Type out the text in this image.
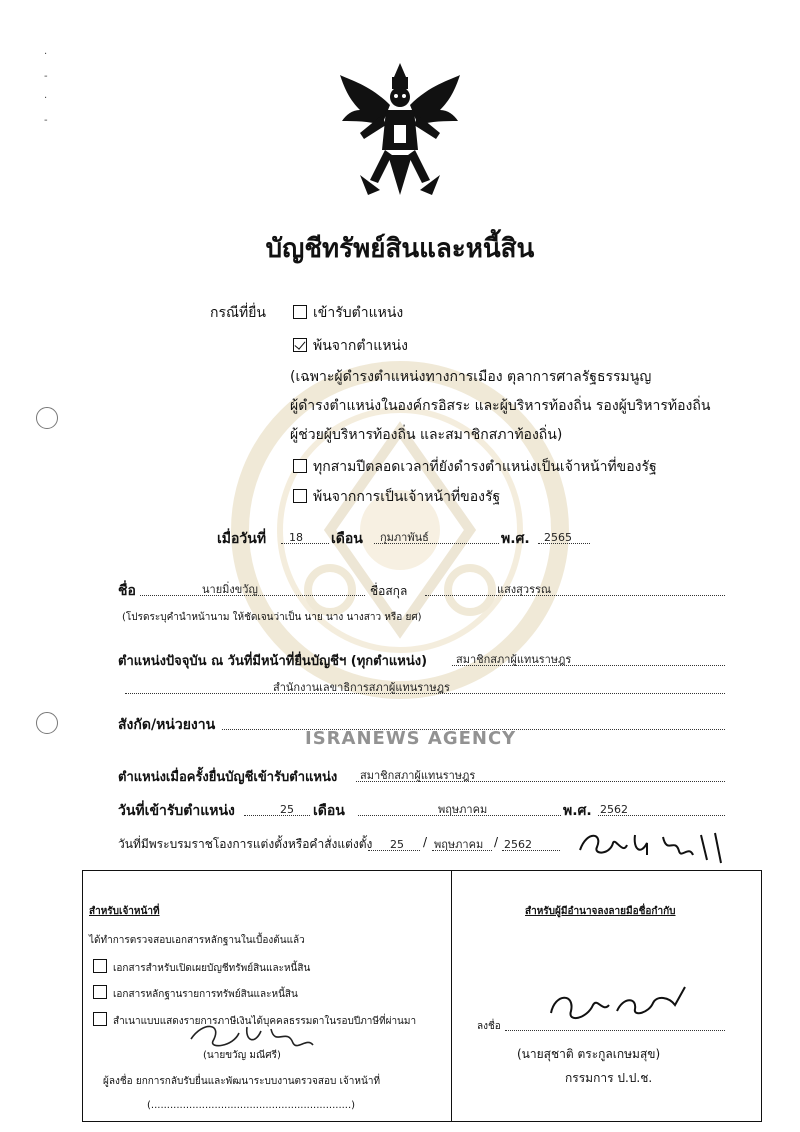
·
-
·
-
บัญชีทรัพย์สินและหนี้สิน
ISRANEWS AGENCY
กรณีที่ยื่น	เข้ารับตำแหน่ง
พ้นจากตำแหน่ง
(เฉพาะผู้ดำรงตำแหน่งทางการเมือง ตุลาการศาลรัฐธรรมนูญ
ผู้ดำรงตำแหน่งในองค์กรอิสระ และผู้บริหารท้องถิ่น รองผู้บริหารท้องถิ่น
ผู้ช่วยผู้บริหารท้องถิ่น และสมาชิกสภาท้องถิ่น)
ทุกสามปีตลอดเวลาที่ยังดำรงตำแหน่งเป็นเจ้าหน้าที่ของรัฐ
พ้นจากการเป็นเจ้าหน้าที่ของรัฐ
เมื่อวันที่	18	เดือน	กุมภาพันธ์	พ.ศ.	2565
ชื่อ	นายมิ่งขวัญ	ชื่อสกุล	แสงสุวรรณ
(โปรดระบุคำนำหน้านาม ให้ชัดเจนว่าเป็น นาย นาง นางสาว หรือ ยศ)
ตำแหน่งปัจจุบัน ณ วันที่มีหน้าที่ยื่นบัญชีฯ (ทุกตำแหน่ง)	สมาชิกสภาผู้แทนราษฎร
สำนักงานเลขาธิการสภาผู้แทนราษฎร
สังกัด/หน่วยงาน
ตำแหน่งเมื่อครั้งยื่นบัญชีเข้ารับตำแหน่ง	สมาชิกสภาผู้แทนราษฎร
วันที่เข้ารับตำแหน่ง	25	เดือน	พฤษภาคม	พ.ศ. 2562
วันที่มีพระบรมราชโองการแต่งตั้งหรือคำสั่งแต่งตั้ง	25	/ พฤษภาคม / 2562
สำหรับเจ้าหน้าที่
ได้ทำการตรวจสอบเอกสารหลักฐานในเบื้องต้นแล้ว
เอกสารสำหรับเปิดเผยบัญชีทรัพย์สินและหนี้สิน
เอกสารหลักฐานรายการทรัพย์สินและหนี้สิน
สำเนาแบบแสดงรายการภาษีเงินได้บุคคลธรรมดาในรอบปีภาษีที่ผ่านมา
(นายขวัญ มณีศรี)
ผู้ลงชื่อ ยกการกลับรับยื่นและพัฒนาระบบงานตรวจสอบ เจ้าหน้าที่
(...............................................................)
สำหรับผู้มีอำนาจลงลายมือชื่อกำกับ
ลงชื่อ
(นายสุชาติ ตระกูลเกษมสุข)
กรรมการ ป.ป.ช.
